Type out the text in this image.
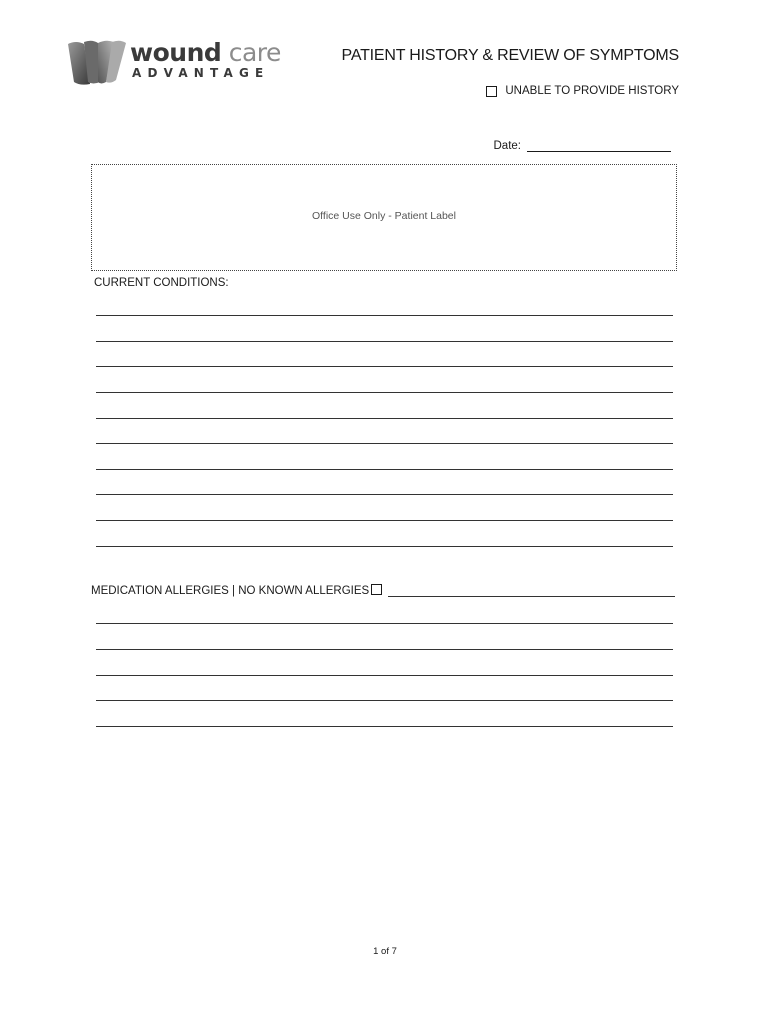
wound care
ADVANTAGE
PATIENT HISTORY & REVIEW OF SYMPTOMS
UNABLE TO PROVIDE HISTORY
Date:
Office Use Only - Patient Label
CURRENT CONDITIONS:
MEDICATION ALLERGIES | NO KNOWN ALLERGIES
1 of 7
